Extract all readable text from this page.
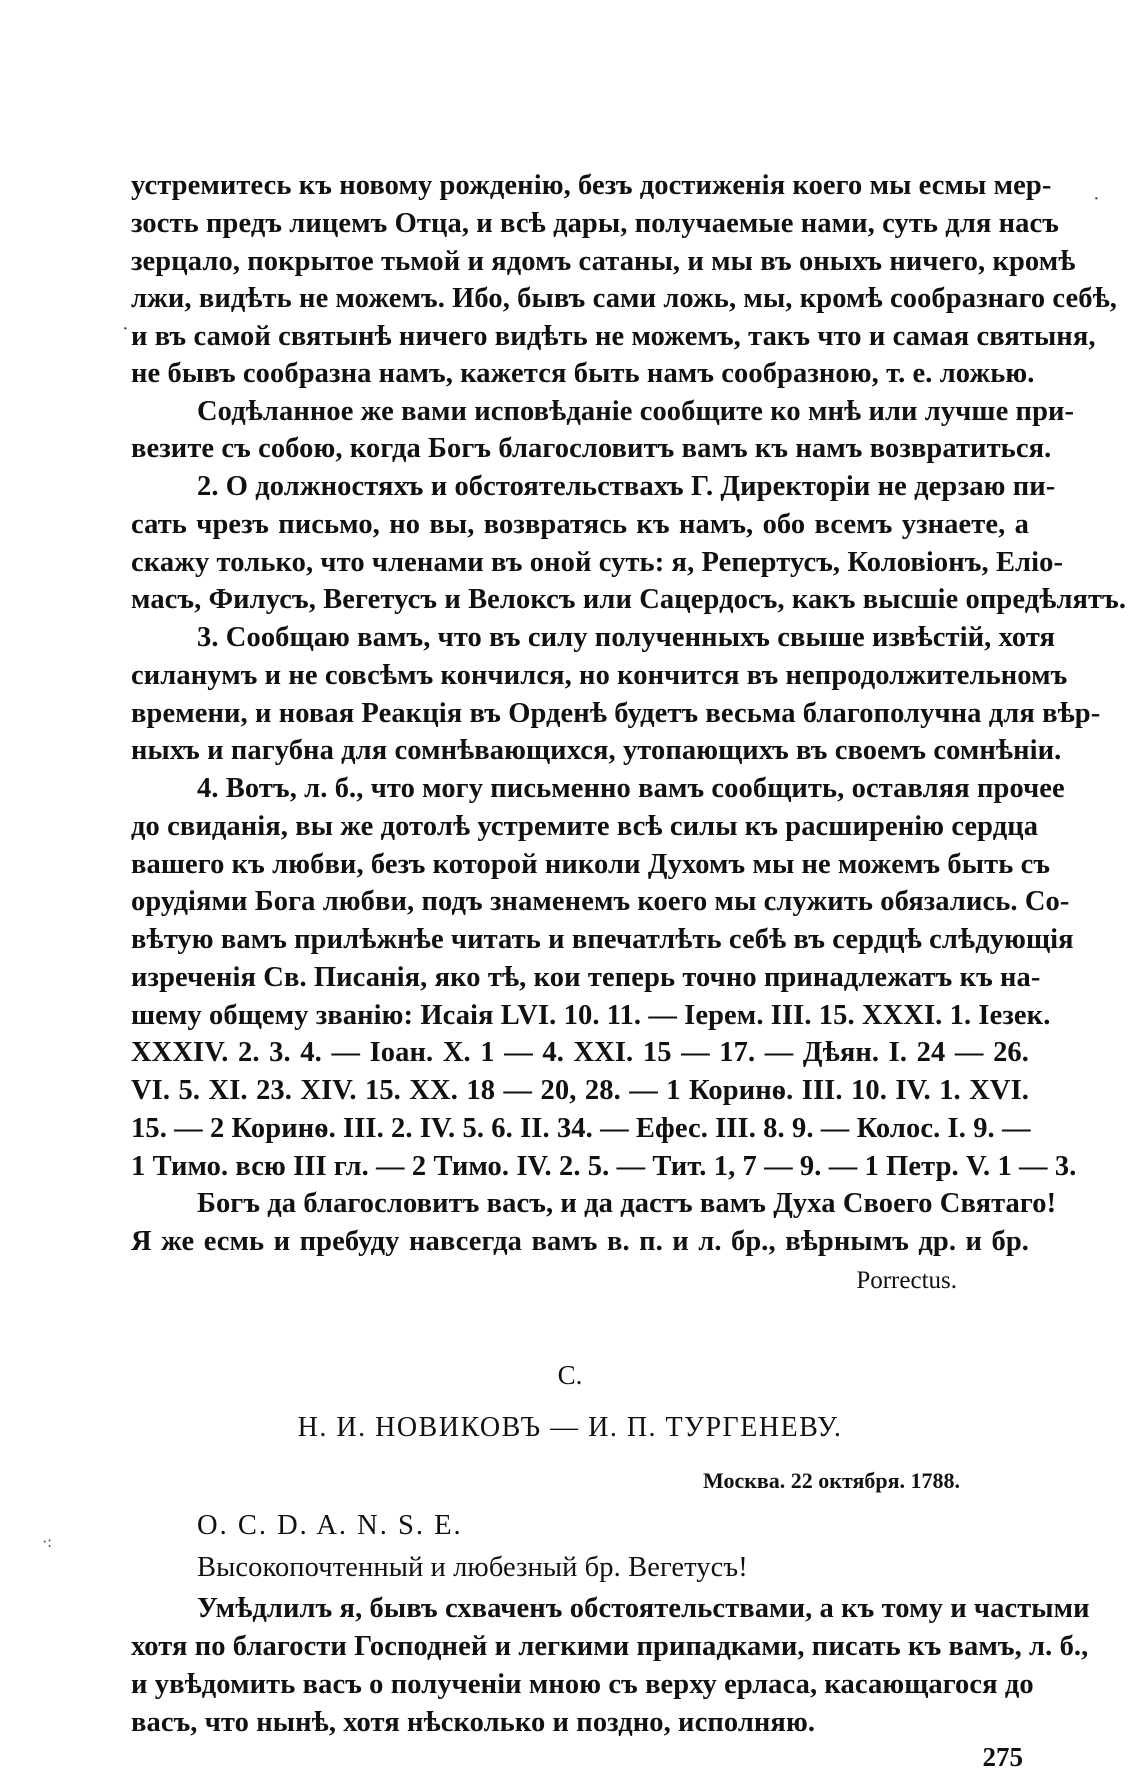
·
·
·:
устремитесь къ новому рожденію, безъ достиженія коего мы есмы мер-
зость предъ лицемъ Отца, и всѣ дары, получаемые нами, суть для насъ
зерцало, покрытое тьмой и ядомъ сатаны, и мы въ оныхъ ничего, кромѣ
лжи, видѣть не можемъ. Ибо, бывъ сами ложь, мы, кромѣ сообразнаго себѣ,
и въ самой святынѣ ничего видѣть не можемъ, такъ что и самая святыня,
не бывъ сообразна намъ, кажется быть намъ сообразною, т. е. ложью.
Содѣланное же вами исповѣданіе сообщите ко мнѣ или лучше при-
везите съ собою, когда Богъ благословитъ вамъ къ намъ возвратиться.
2. О должностяхъ и обстоятельствахъ Г. Директоріи не дерзаю пи-
сать чрезъ письмо, но вы, возвратясь къ намъ, обо всемъ узнаете, а
скажу только, что членами въ оной суть: я, Репертусъ, Коловіонъ, Еліо-
масъ, Филусъ, Вегетусъ и Велоксъ или Сацердосъ, какъ высшіе опредѣлятъ.
3. Сообщаю вамъ, что въ силу полученныхъ свыше извѣстій, хотя
силанумъ и не совсѣмъ кончился, но кончится въ непродолжительномъ
времени, и новая Реакція въ Орденѣ будетъ весьма благополучна для вѣр-
ныхъ и пагубна для сомнѣвающихся, утопающихъ въ своемъ сомнѣніи.
4. Вотъ, л. б., что могу письменно вамъ сообщить, оставляя прочее
до свиданія, вы же дотолѣ устремите всѣ силы къ расширенію сердца
вашего къ любви, безъ которой николи Духомъ мы не можемъ быть съ
орудіями Бога любви, подъ знаменемъ коего мы служить обязались. Со-
вѣтую вамъ прилѣжнѣе читать и впечатлѣть себѣ въ сердцѣ слѣдующія
изреченія Св. Писанія, яко тѣ, кои теперь точно принадлежатъ къ на-
шему общему званію: Исаія LVI. 10. 11. — Iерем. III. 15. XXXI. 1. Iезек.
XXXIV. 2. 3. 4. — Iоан. X. 1 — 4. XXI. 15 — 17. — Дѣян. I. 24 — 26.
VI. 5. XI. 23. XIV. 15. XX. 18 — 20, 28. — 1 Коринѳ. III. 10. IV. 1. XVI.
15. — 2 Коринѳ. III. 2. IV. 5. 6. II. 34. — Ефес. III. 8. 9. — Колос. I. 9. —
1 Тимо. всю III гл. — 2 Тимо. IV. 2. 5. — Тит. 1, 7 — 9. — 1 Петр. V. 1 — 3.
Богъ да благословитъ васъ, и да дастъ вамъ Духа Своего Святаго!
Я же есмь и пребуду навсегда вамъ в. п. и л. бр., вѣрнымъ др. и бр.
Porrectus.
C.
Н. И. НОВИКОВЪ — И. П. ТУРГЕНЕВУ.
Москва. 22 октября. 1788.
O. C. D. A. N. S. E.
Высокопочтенный и любезный бр. Вегетусъ!
Умѣдлилъ я, бывъ схваченъ обстоятельствами, а къ тому и частыми
хотя по благости Господней и легкими припадками, писать къ вамъ, л. б.,
и увѣдомить васъ о полученіи мною съ верху ерласа, касающагося до
васъ, что нынѣ, хотя нѣсколько и поздно, исполняю.
275
